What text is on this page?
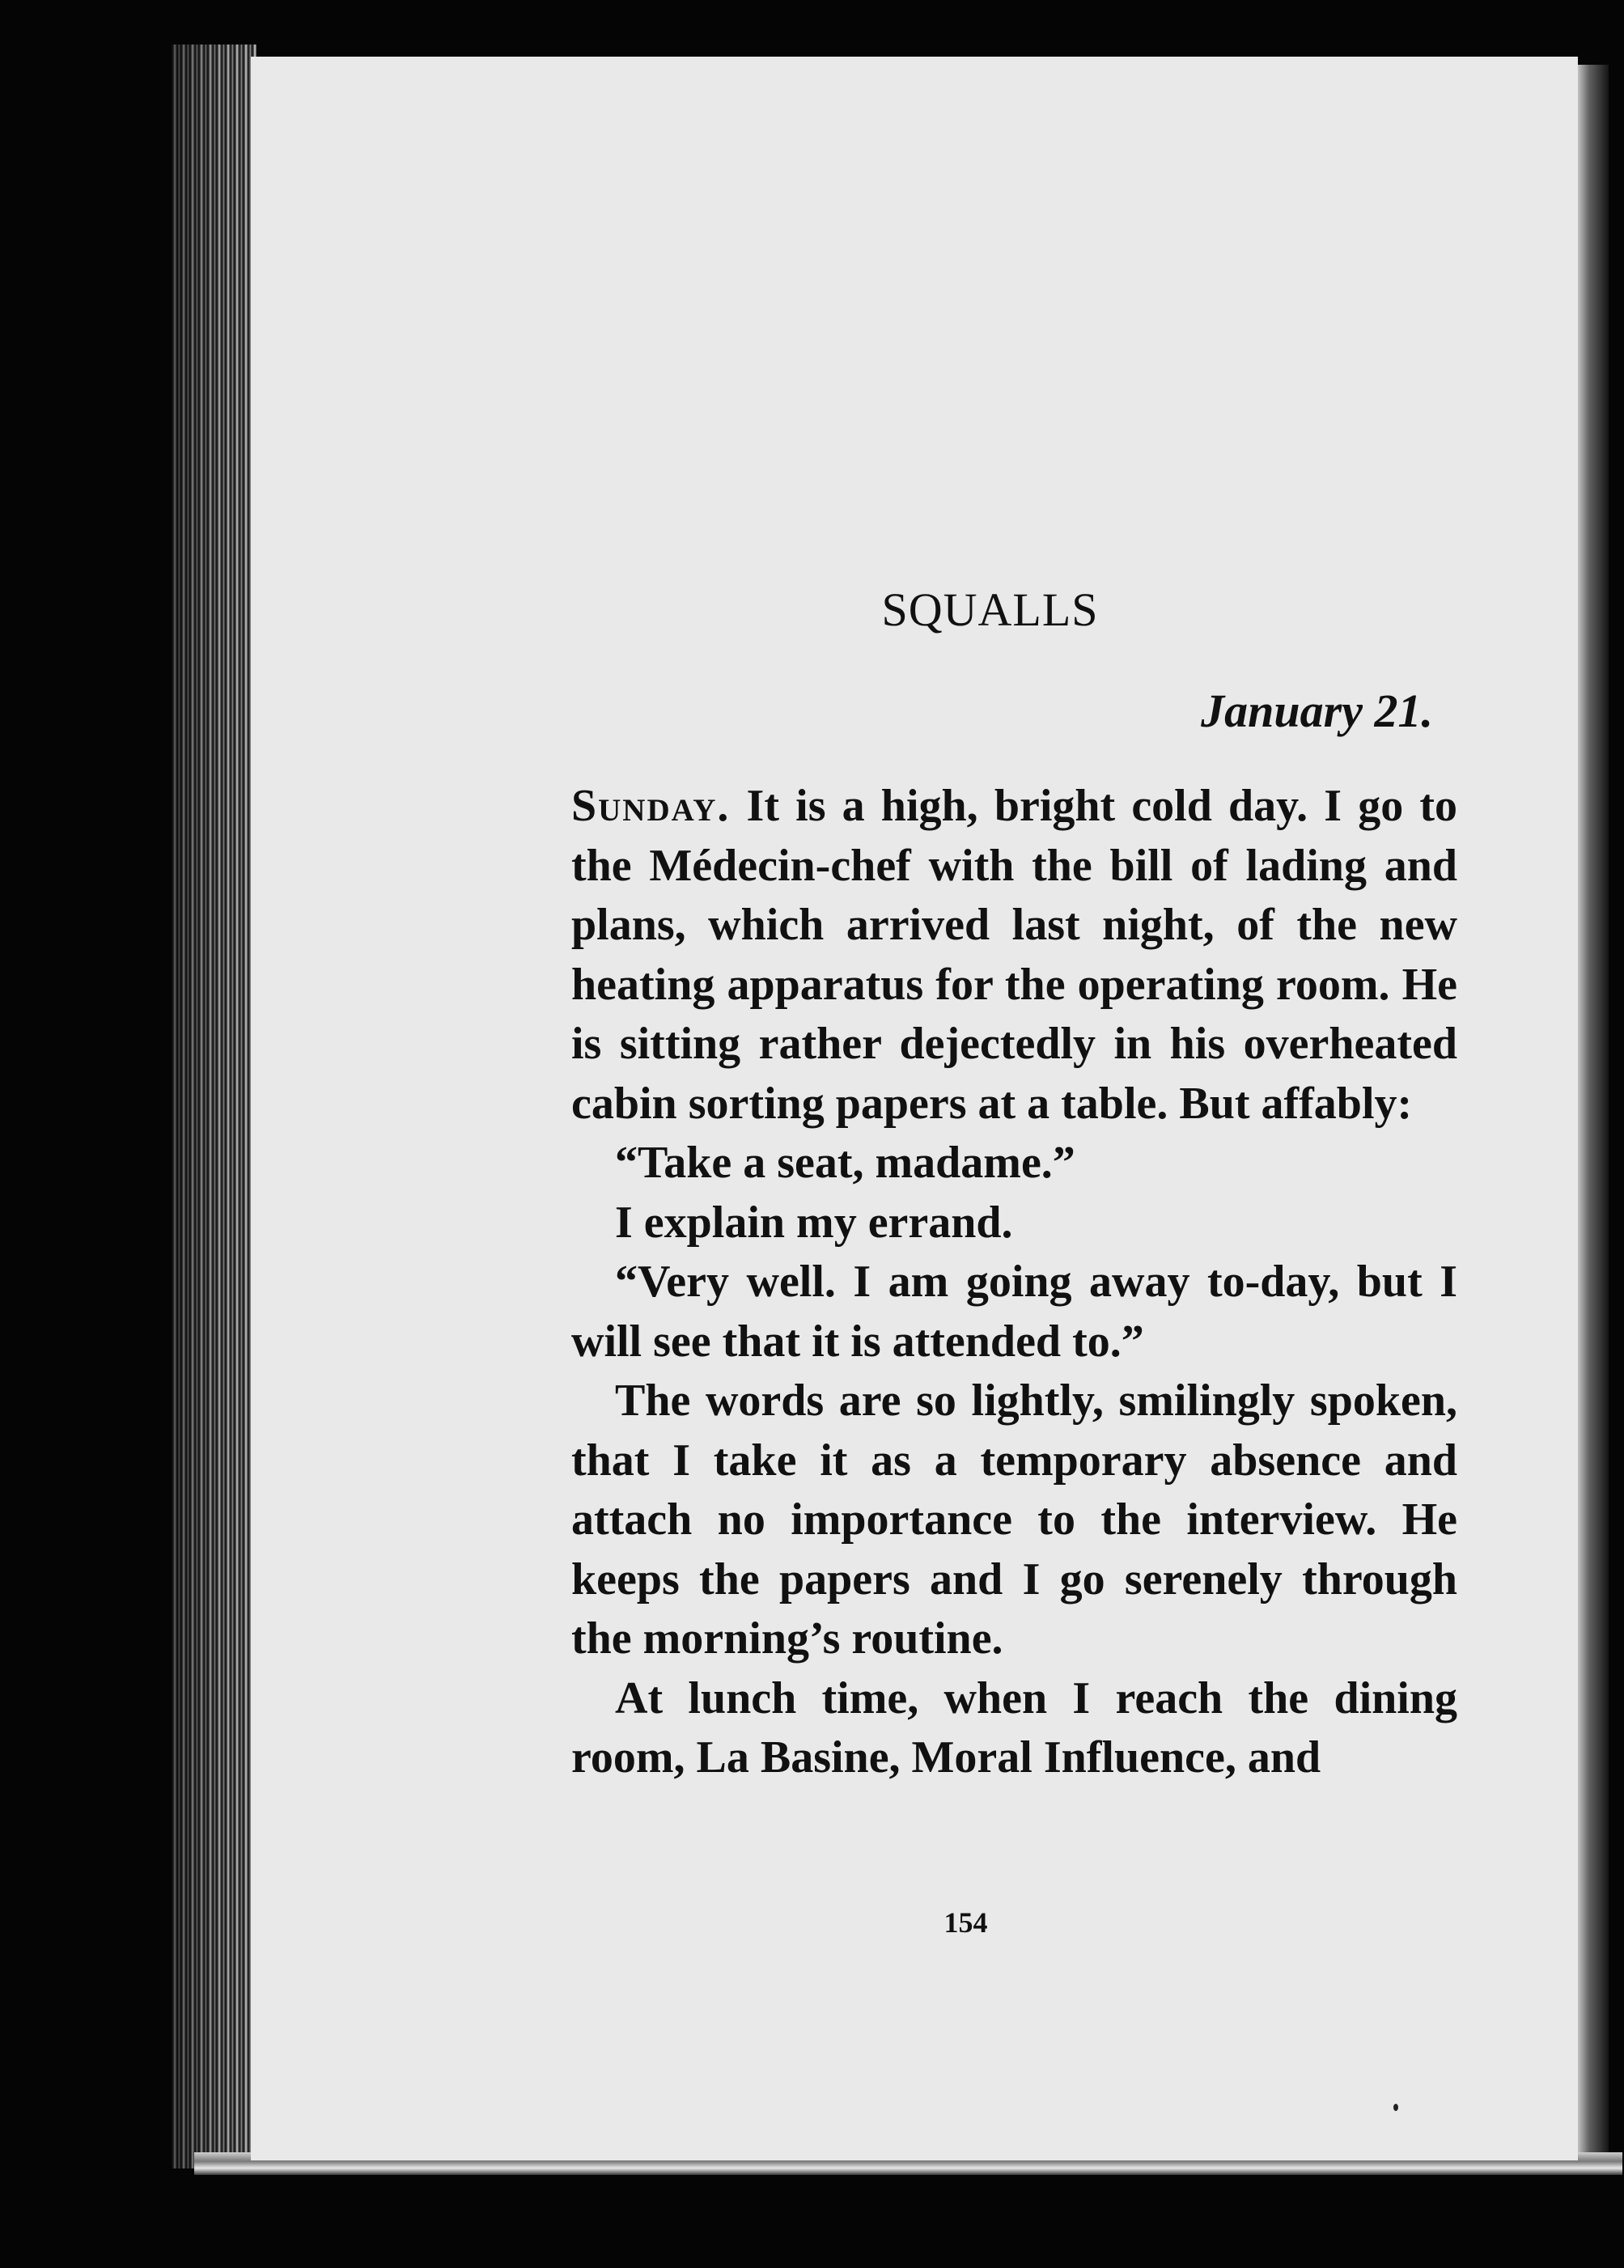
SQUALLS

January 21.

Sunday. It is a high, bright cold day. I go to the Médecin-chef with the bill of lading and plans, which arrived last night, of the new heating apparatus for the operating room. He is sitting rather dejectedly in his overheated cabin sorting papers at a table. But affably:

“Take a seat, madame.”

I explain my errand.

“Very well. I am going away to-day, but I will see that it is attended to.”

The words are so lightly, smilingly spoken, that I take it as a temporary absence and attach no importance to the interview. He keeps the papers and I go serenely through the morning’s routine.

At lunch time, when I reach the dining room, La Basine, Moral Influence, and

154
